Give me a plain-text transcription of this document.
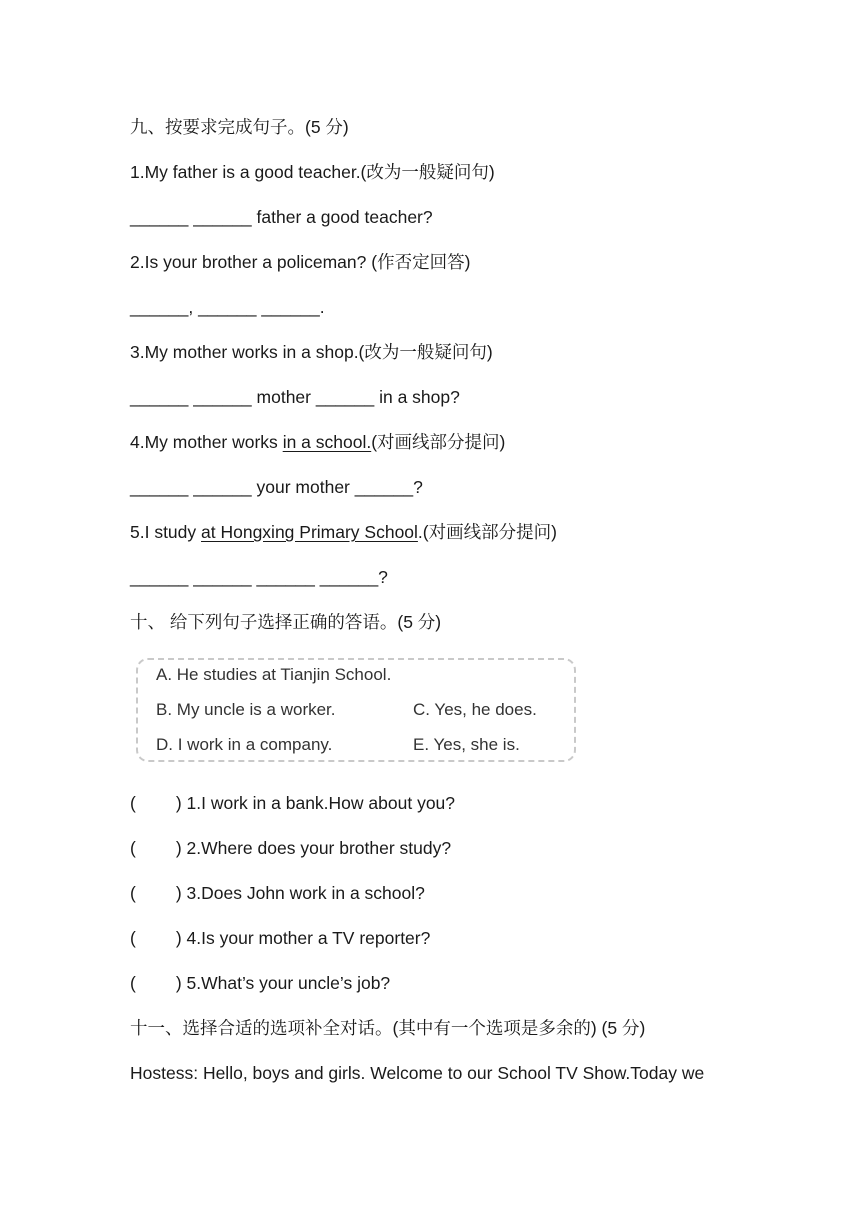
九、按要求完成句子。(5 分)
1.My father is a good teacher.(改为一般疑问句)
______ ______ father a good teacher?
2.Is your brother a policeman? (作否定回答)
______, ______ ______.
3.My mother works in a shop.(改为一般疑问句)
______ ______ mother ______ in a shop?
4.My mother works in a school.(对画线部分提问)
______ ______ your mother ______?
5.I study at Hongxing Primary School.(对画线部分提问)
______ ______ ______ ______?
十、 给下列句子选择正确的答语。(5 分)
A. He studies at Tianjin School.
B. My uncle is a worker.	C. Yes, he does.
D. I work in a company.	E. Yes, she is.
( ) 1.I work in a bank.How about you?
( ) 2.Where does your brother study?
( ) 3.Does John work in a school?
( ) 4.Is your mother a TV reporter?
( ) 5.What’s your uncle’s job?
十一、选择合适的选项补全对话。(其中有一个选项是多余的) (5 分)
Hostess: Hello, boys and girls. Welcome to our School TV Show.Today we
